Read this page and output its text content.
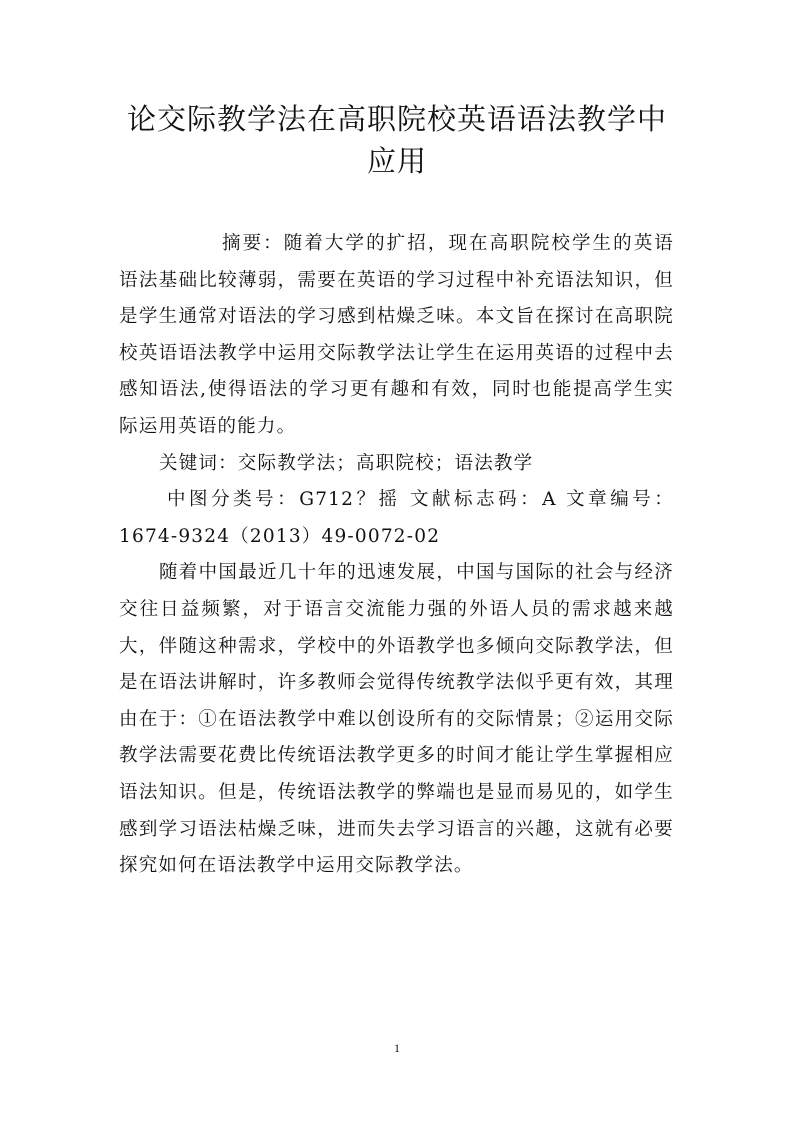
论交际教学法在高职院校英语语法教学中
应用

摘要：随着大学的扩招，现在高职院校学生的英语语法基础比较薄弱，需要在英语的学习过程中补充语法知识，但是学生通常对语法的学习感到枯燥乏味。本文旨在探讨在高职院校英语语法教学中运用交际教学法让学生在运用英语的过程中去感知语法,使得语法的学习更有趣和有效，同时也能提高学生实际运用英语的能力。

关键词：交际教学法；高职院校；语法教学

中图分类号：G712？摇 文献标志码：A 文章编号：1674-9324（2013）49-0072-02

随着中国最近几十年的迅速发展，中国与国际的社会与经济交往日益频繁，对于语言交流能力强的外语人员的需求越来越大，伴随这种需求，学校中的外语教学也多倾向交际教学法，但是在语法讲解时，许多教师会觉得传统教学法似乎更有效，其理由在于：①在语法教学中难以创设所有的交际情景；②运用交际教学法需要花费比传统语法教学更多的时间才能让学生掌握相应语法知识。但是，传统语法教学的弊端也是显而易见的，如学生感到学习语法枯燥乏味，进而失去学习语言的兴趣，这就有必要探究如何在语法教学中运用交际教学法。

1
